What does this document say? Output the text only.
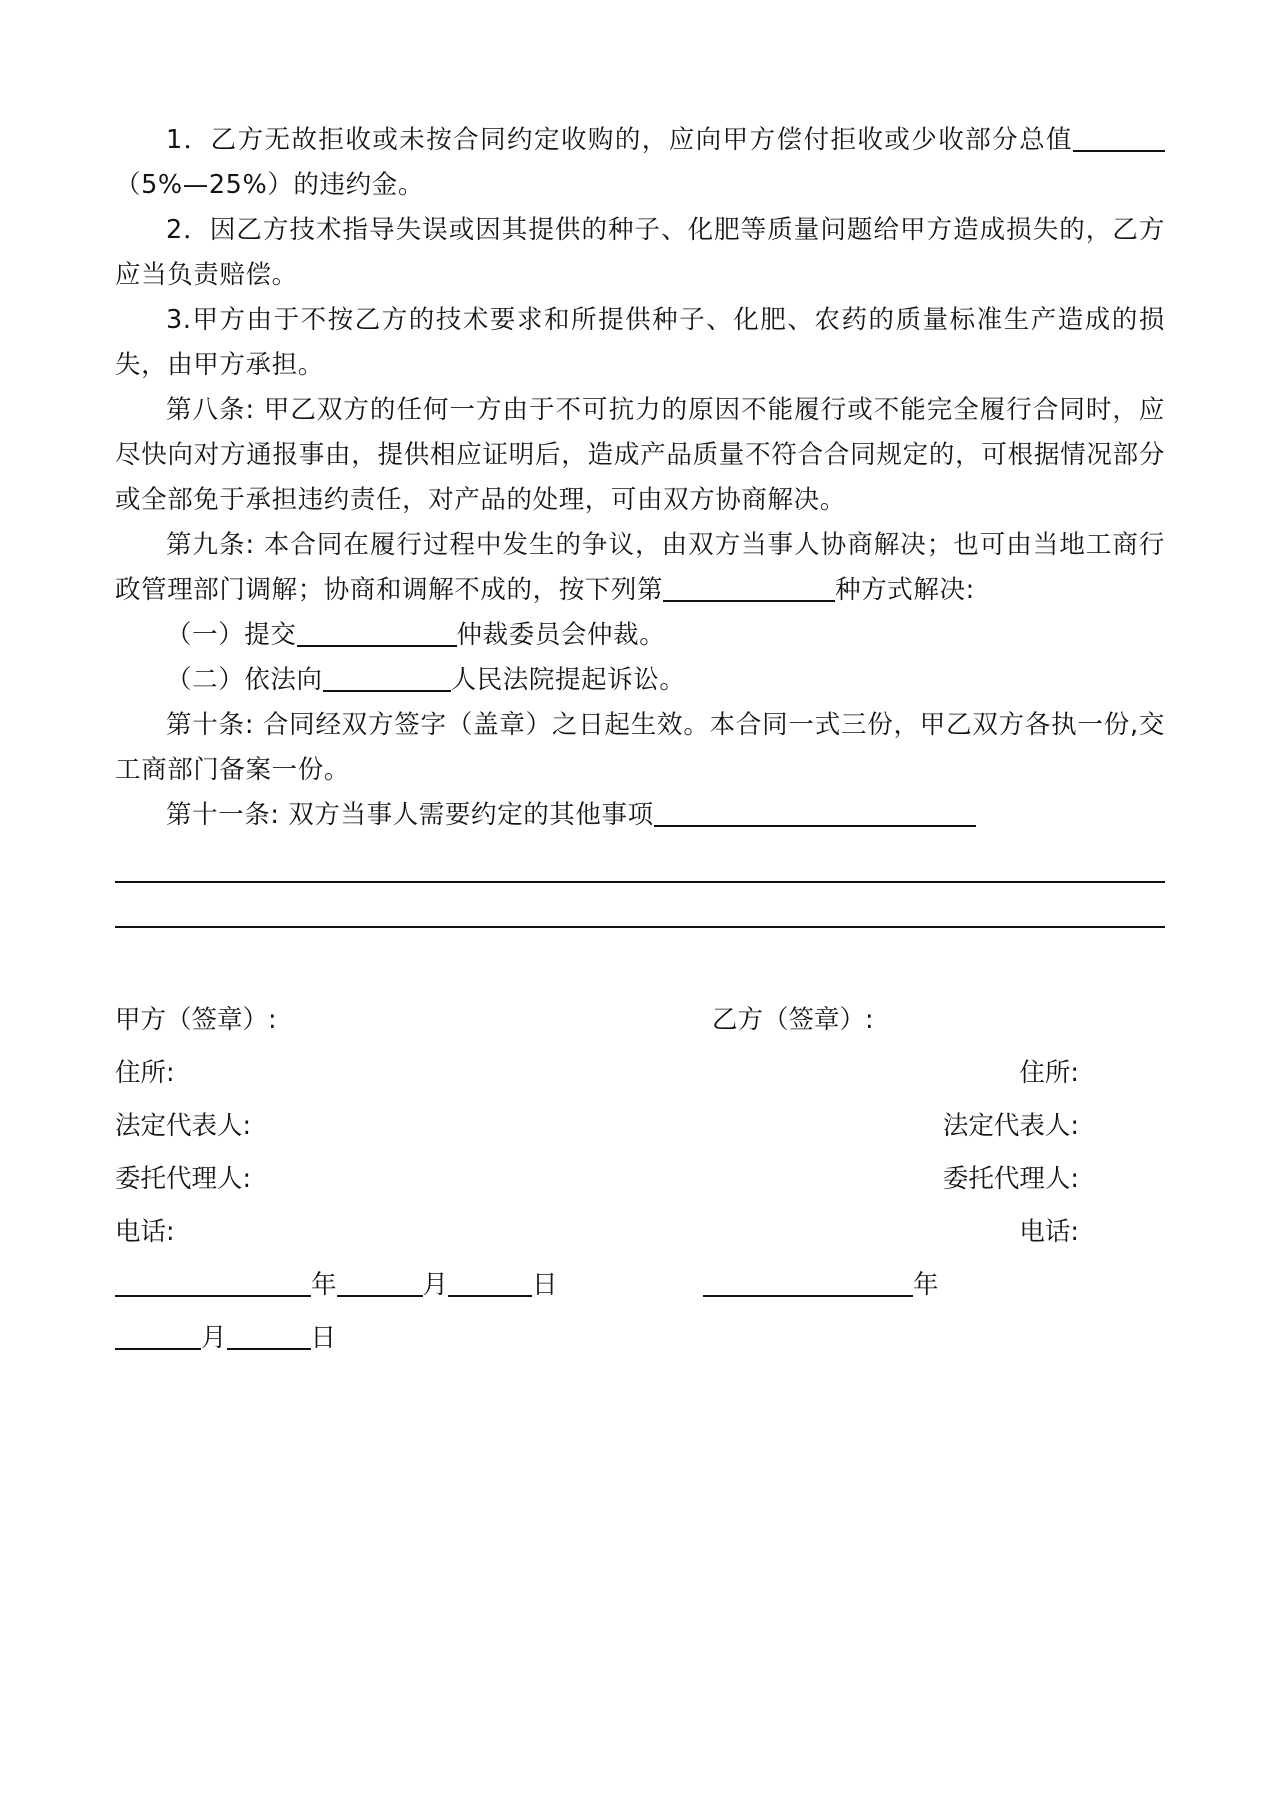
1．乙方无故拒收或未按合同约定收购的，应向甲方偿付拒收或少收部分总值（5%—25%）的违约金。

2．因乙方技术指导失误或因其提供的种子、化肥等质量问题给甲方造成损失的，乙方应当负责赔偿。

3.甲方由于不按乙方的技术要求和所提供种子、化肥、农药的质量标准生产造成的损失，由甲方承担。

第八条: 甲乙双方的任何一方由于不可抗力的原因不能履行或不能完全履行合同时，应尽快向对方通报事由，提供相应证明后，造成产品质量不符合合同规定的，可根据情况部分或全部免于承担违约责任，对产品的处理，可由双方协商解决。

第九条: 本合同在履行过程中发生的争议，由双方当事人协商解决；也可由当地工商行政管理部门调解；协商和调解不成的，按下列第	种方式解决:

（一）提交	仲裁委员会仲裁。

（二）依法向	人民法院提起诉讼。

第十条: 合同经双方签字（盖章）之日起生效。本合同一式三份，甲乙双方各执一份,交工商部门备案一份。

第十一条: 双方当事人需要约定的其他事项

甲方（签章）:	乙方（签章）:
住所:	住所:
法定代表人:	法定代表人:
委托代理人:	委托代理人:
电话:	电话:
年	月	日	年
月	日
